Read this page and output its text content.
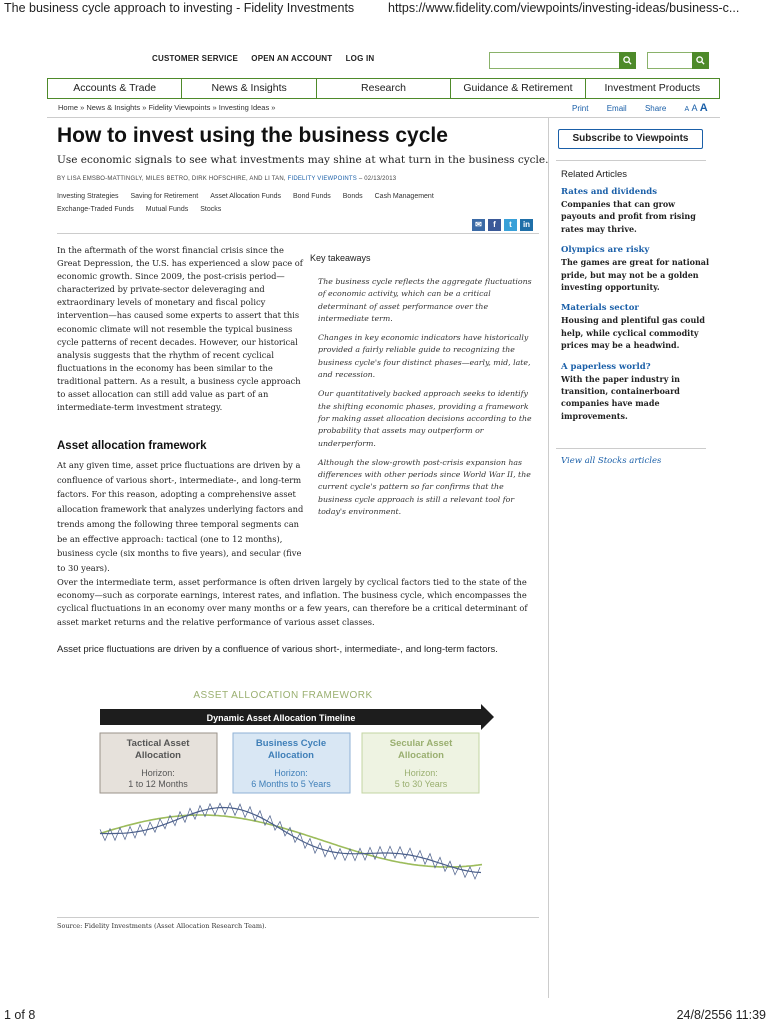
The business cycle approach to investing - Fidelity Investments	https://www.fidelity.com/viewpoints/investing-ideas/business-c...
CUSTOMER SERVICE OPEN AN ACCOUNT LOG IN
Accounts & Trade	News & Insights	Research	Guidance & Retirement	Investment Products
Home » News & Insights » Fidelity Viewpoints » Investing Ideas »	Print Email Share	A A A
How to invest using the business cycle
Use economic signals to see what investments may shine at what turn in the business cycle.
BY LISA EMSBO-MATTINGLY, MILES BETRO, DIRK HOFSCHIRE, AND LI TAN, FIDELITY VIEWPOINTS – 02/13/2013
Investing Strategies Saving for Retirement Asset Allocation Funds Bond Funds Bonds Cash ManagementExchange-Traded Funds Mutual Funds Stocks
✉	f	t	in
In the aftermath of the worst financial crisis since the Great Depression, the U.S. has experienced a slow pace of economic growth. Since 2009, the post-crisis period—characterized by private-sector deleveraging and extraordinary levels of monetary and fiscal policy intervention—has caused some experts to assert that this economic climate will not resemble the typical business cycle patterns of recent decades. However, our historical analysis suggests that the rhythm of recent cyclical fluctuations in the economy has been similar to the traditional pattern. As a result, a business cycle approach to asset allocation can still add value as part of an intermediate-term investment strategy.
Asset allocation framework
At any given time, asset price fluctuations are driven by a confluence of various short-, intermediate-, and long-term factors. For this reason, adopting a comprehensive asset allocation framework that analyzes underlying factors and trends among the following three temporal segments can be an effective approach: tactical (one to 12 months), business cycle (six months to five years), and secular (five to 30 years).
Key takeaways

The business cycle reflects the aggregate fluctuations of economic activity, which can be a critical determinant of asset performance over the intermediate term.

Changes in key economic indicators have historically provided a fairly reliable guide to recognizing the business cycle's four distinct phases—early, mid, late, and recession.

Our quantitatively backed approach seeks to identify the shifting economic phases, providing a framework for making asset allocation decisions according to the probability that assets may outperform or underperform.

Although the slow-growth post-crisis expansion has differences with other periods since World War II, the current cycle's pattern so far confirms that the business cycle approach is still a relevant tool for today's environment.

Over the intermediate term, asset performance is often driven largely by cyclical factors tied to the state of the economy—such as corporate earnings, interest rates, and inflation. The business cycle, which encompasses the cyclical fluctuations in an economy over many months or a few years, can therefore be a critical determinant of asset market returns and the relative performance of various asset classes.
Asset price fluctuations are driven by a confluence of various short-, intermediate-, and long-term factors.
ASSET ALLOCATION FRAMEWORK
Dynamic Asset Allocation Timeline
Tactical Asset Allocation
Horizon:
1 to 12 Months
Business Cycle Allocation
Horizon:
6 Months to 5 Years
Secular Asset Allocation
Horizon:
5 to 30 Years
Source: Fidelity Investments (Asset Allocation Research Team).
Subscribe to Viewpoints
Related Articles
Rates and dividends
Companies that can grow payouts and profit from rising rates may thrive.
Olympics are risky
The games are great for national pride, but may not be a golden investing opportunity.
Materials sector
Housing and plentiful gas could help, while cyclical commodity prices may be a headwind.
A paperless world?
With the paper industry in transition, containerboard companies have made improvements.
View all Stocks articles
1 of 8	24/8/2556 11:39
